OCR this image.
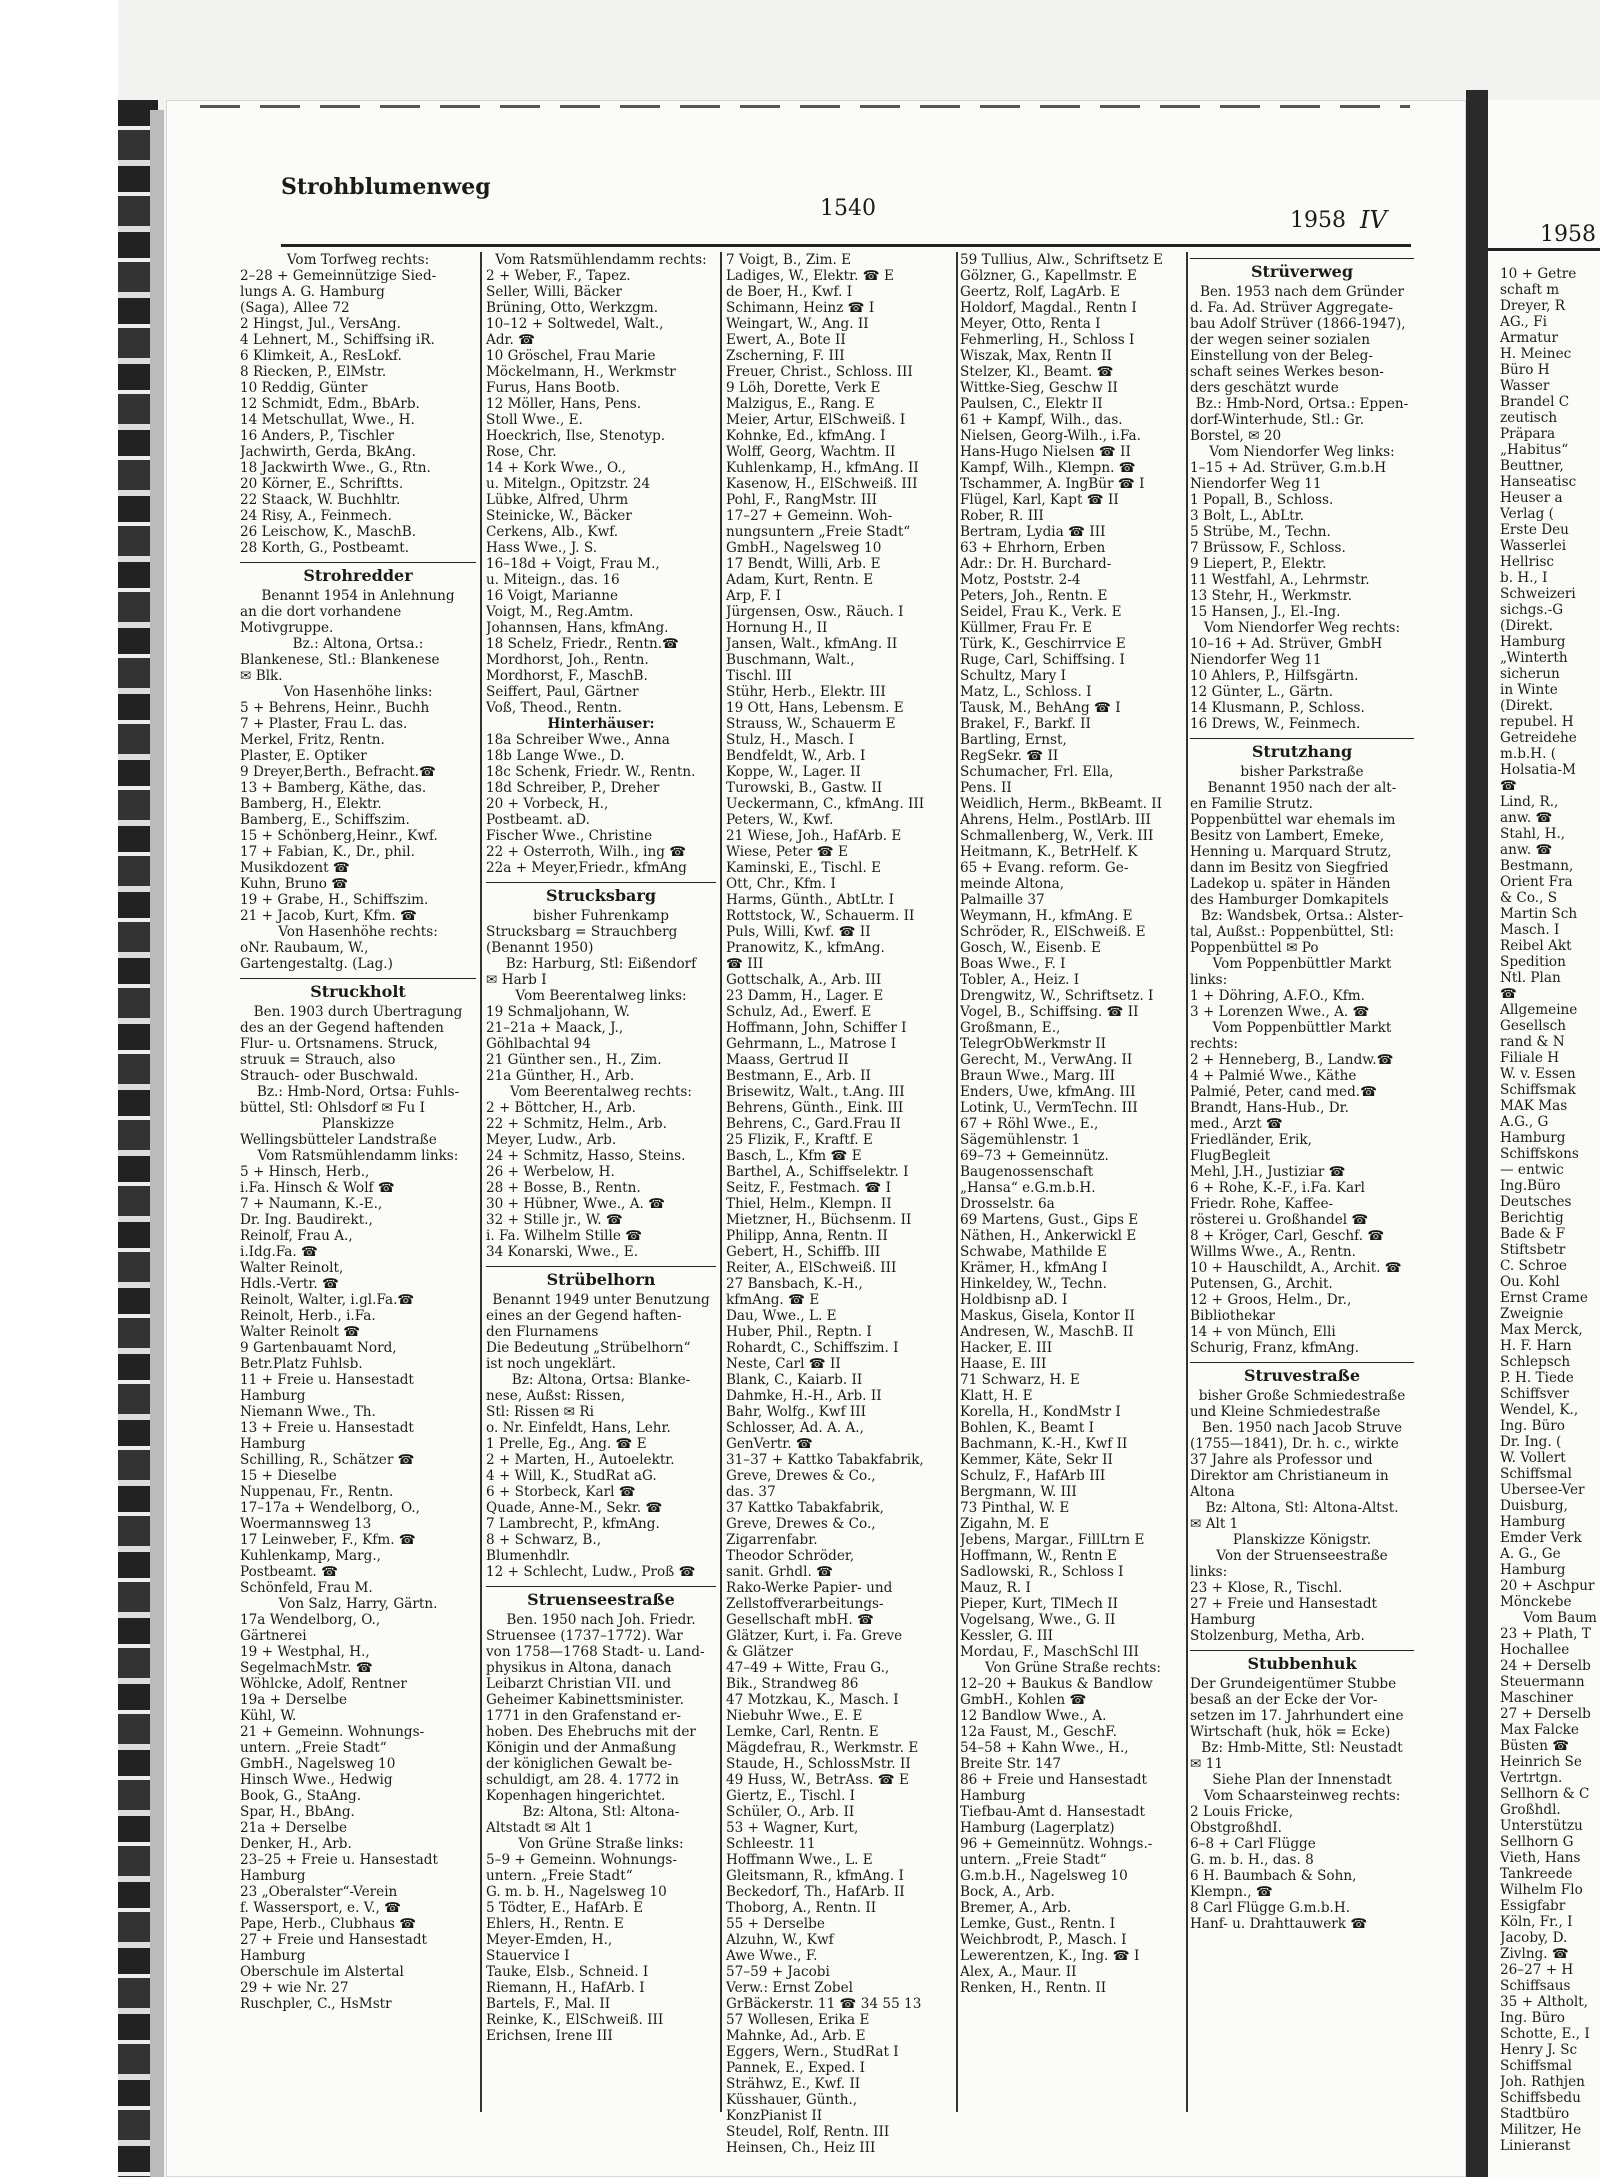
1958
Strohblumenweg
1540	1958 IV
Vom Torfweg rechts:
2–28 + Gemeinnützige Sied-
lungs A. G. Hamburg
(Saga), Allee 72
2 Hingst, Jul., VersAng.
4 Lehnert, M., Schiffsing iR.
6 Klimkeit, A., ResLokf.
8 Riecken, P., ElMstr.
10 Reddig, Günter
12 Schmidt, Edm., BbArb.
14 Metschullat, Wwe., H.
16 Anders, P., Tischler
Jachwirth, Gerda, BkAng.
18 Jackwirth Wwe., G., Rtn.
20 Körner, E., Schriftts.
22 Staack, W. Buchhltr.
24 Risy, A., Feinmech.
26 Leischow, K., MaschB.
28 Korth, G., Postbeamt.
Strohredder
Benannt 1954 in Anlehnung
an die dort vorhandene
Motivgruppe.
Bz.: Altona, Ortsa.:
Blankenese, Stl.: Blankenese
✉ Blk.
Von Hasenhöhe links:
5 + Behrens, Heinr., Buchh
7 + Plaster, Frau L. das.
Merkel, Fritz, Rentn.
Plaster, E. Optiker
9 Dreyer,Berth., Befracht.☎
13 + Bamberg, Käthe, das.
Bamberg, H., Elektr.
Bamberg, E., Schiffszim.
15 + Schönberg,Heinr., Kwf.
17 + Fabian, K., Dr., phil.
Musikdozent ☎
Kuhn, Bruno ☎
19 + Grabe, H., Schiffszim.
21 + Jacob, Kurt, Kfm. ☎
Von Hasenhöhe rechts:
oNr. Raubaum, W.,
Gartengestaltg. (Lag.)
Struckholt
Ben. 1903 durch Übertragung
des an der Gegend haftenden
Flur- u. Ortsnamens. Struck,
struuk = Strauch, also
Strauch- oder Buschwald.
Bz.: Hmb-Nord, Ortsa: Fuhls-
büttel, Stl: Ohlsdorf ✉ Fu I
Planskizze
Wellingsbütteler Landstraße
Vom Ratsmühlendamm links:
5 + Hinsch, Herb.,
i.Fa. Hinsch & Wolf ☎
7 + Naumann, K.-E.,
Dr. Ing. Baudirekt.,
Reinolf, Frau A.,
i.Idg.Fa. ☎
Walter Reinolt,
Hdls.-Vertr. ☎
Reinolt, Walter, i.gl.Fa.☎
Reinolt, Herb., i.Fa.
Walter Reinolt ☎
9 Gartenbauamt Nord,
Betr.Platz Fuhlsb.
11 + Freie u. Hansestadt
Hamburg
Niemann Wwe., Th.
13 + Freie u. Hansestadt
Hamburg
Schilling, R., Schätzer ☎
15 + Dieselbe
Nuppenau, Fr., Rentn.
17–17a + Wendelborg, O.,
Woermannsweg 13
17 Leinweber, F., Kfm. ☎
Kuhlenkamp, Marg.,
Postbeamt. ☎
Schönfeld, Frau M.
Von Salz, Harry, Gärtn.
17a Wendelborg, O.,
Gärtnerei
19 + Westphal, H.,
SegelmachMstr. ☎
Wöhlcke, Adolf, Rentner
19a + Derselbe
Kühl, W.
21 + Gemeinn. Wohnungs-
untern. „Freie Stadt“
GmbH., Nagelsweg 10
Hinsch Wwe., Hedwig
Book, G., StaAng.
Spar, H., BbAng.
21a + Derselbe
Denker, H., Arb.
23–25 + Freie u. Hansestadt
Hamburg
23 „Oberalster“-Verein
f. Wassersport, e. V., ☎
Pape, Herb., Clubhaus ☎
27 + Freie und Hansestadt
Hamburg
Oberschule im Alstertal
29 + wie Nr. 27
Ruschpler, C., HsMstr
Vom Ratsmühlendamm rechts:
2 + Weber, F., Tapez.
Seller, Willi, Bäcker
Brüning, Otto, Werkzgm.
10–12 + Soltwedel, Walt.,
Adr. ☎
10 Gröschel, Frau Marie
Möckelmann, H., Werkmstr
Furus, Hans Bootb.
12 Möller, Hans, Pens.
Stoll Wwe., E.
Hoeckrich, Ilse, Stenotyp.
Rose, Chr.
14 + Kork Wwe., O.,
u. Mitelgn., Opitzstr. 24
Lübke, Alfred, Uhrm
Steinicke, W., Bäcker
Cerkens, Alb., Kwf.
Hass Wwe., J. S.
16–18d + Voigt, Frau M.,
u. Miteign., das. 16
16 Voigt, Marianne
Voigt, M., Reg.Amtm.
Johannsen, Hans, kfmAng.
18 Schelz, Friedr., Rentn.☎
Mordhorst, Joh., Rentn.
Mordhorst, F., MaschB.
Seiffert, Paul, Gärtner
Voß, Theod., Rentn.
Hinterhäuser:
18a Schreiber Wwe., Anna
18b Lange Wwe., D.
18c Schenk, Friedr. W., Rentn.
18d Schreiber, P., Dreher
20 + Vorbeck, H.,
Postbeamt. aD.
Fischer Wwe., Christine
22 + Osterroth, Wilh., ing ☎
22a + Meyer,Friedr., kfmAng
Strucksbarg
bisher Fuhrenkamp
Strucksbarg = Strauchberg
(Benannt 1950)
Bz: Harburg, Stl: Eißendorf
✉ Harb I
Vom Beerentalweg links:
19 Schmaljohann, W.
21–21a + Maack, J.,
Göhlbachtal 94
21 Günther sen., H., Zim.
21a Günther, H., Arb.
Vom Beerentalweg rechts:
2 + Böttcher, H., Arb.
22 + Schmitz, Helm., Arb.
Meyer, Ludw., Arb.
24 + Schmitz, Hasso, Steins.
26 + Werbelow, H.
28 + Bosse, B., Rentn.
30 + Hübner, Wwe., A. ☎
32 + Stille jr., W. ☎
i. Fa. Wilhelm Stille ☎
34 Konarski, Wwe., E.
Strübelhorn
Benannt 1949 unter Benutzung
eines an der Gegend haften-
den Flurnamens
Die Bedeutung „Strübelhorn“
ist noch ungeklärt.
Bz: Altona, Ortsa: Blanke-
nese, Außst: Rissen,
Stl: Rissen ✉ Ri
o. Nr. Einfeldt, Hans, Lehr.
1 Prelle, Eg., Ang. ☎ E
2 + Marten, H., Autoelektr.
4 + Will, K., StudRat aG.
6 + Storbeck, Karl ☎
Quade, Anne-M., Sekr. ☎
7 Lambrecht, P., kfmAng.
8 + Schwarz, B.,
Blumenhdlr.
12 + Schlecht, Ludw., Proß ☎
Struenseestraße
Ben. 1950 nach Joh. Friedr.
Struensee (1737–1772). War
von 1758—1768 Stadt- u. Land-
physikus in Altona, danach
Leibarzt Christian VII. und
Geheimer Kabinettsminister.
1771 in den Grafenstand er-
hoben. Des Ehebruchs mit der
Königin und der Anmaßung
der königlichen Gewalt be-
schuldigt, am 28. 4. 1772 in
Kopenhagen hingerichtet.
Bz: Altona, Stl: Altona-
Altstadt ✉ Alt 1
Von Grüne Straße links:
5–9 + Gemeinn. Wohnungs-
untern. „Freie Stadt“
G. m. b. H., Nagelsweg 10
5 Tödter, E., HafArb. E
Ehlers, H., Rentn. E
Meyer-Emden, H.,
Stauervice I
Tauke, Elsb., Schneid. I
Riemann, H., HafArb. I
Bartels, F., Mal. II
Reinke, K., ElSchweiß. III
Erichsen, Irene III
7 Voigt, B., Zim. E
Ladiges, W., Elektr. ☎ E
de Boer, H., Kwf. I
Schimann, Heinz ☎ I
Weingart, W., Ang. II
Ewert, A., Bote II
Zscherning, F. III
Freuer, Christ., Schloss. III
9 Löh, Dorette, Verk E
Malzigus, E., Rang. E
Meier, Artur, ElSchweiß. I
Kohnke, Ed., kfmAng. I
Wolff, Georg, Wachtm. II
Kuhlenkamp, H., kfmAng. II
Kasenow, H., ElSchweiß. III
Pohl, F., RangMstr. III
17–27 + Gemeinn. Woh-
nungsuntern „Freie Stadt“
GmbH., Nagelsweg 10
17 Bendt, Willi, Arb. E
Adam, Kurt, Rentn. E
Arp, F. I
Jürgensen, Osw., Räuch. I
Hornung H., II
Jansen, Walt., kfmAng. II
Buschmann, Walt.,
Tischl. III
Stühr, Herb., Elektr. III
19 Ott, Hans, Lebensm. E
Strauss, W., Schauerm E
Stulz, H., Masch. I
Bendfeldt, W., Arb. I
Koppe, W., Lager. II
Turowski, B., Gastw. II
Ueckermann, C., kfmAng. III
Peters, W., Kwf.
21 Wiese, Joh., HafArb. E
Wiese, Peter ☎ E
Kaminski, E., Tischl. E
Ott, Chr., Kfm. I
Harms, Günth., AbtLtr. I
Rottstock, W., Schauerm. II
Puls, Willi, Kwf. ☎ II
Pranowitz, K., kfmAng.
☎ III
Gottschalk, A., Arb. III
23 Damm, H., Lager. E
Schulz, Ad., Ewerf. E
Hoffmann, John, Schiffer I
Gehrmann, L., Matrose I
Maass, Gertrud II
Bestmann, E., Arb. II
Brisewitz, Walt., t.Ang. III
Behrens, Günth., Eink. III
Behrens, C., Gard.Frau II
25 Flizik, F., Kraftf. E
Basch, L., Kfm ☎ E
Barthel, A., Schiffselektr. I
Seitz, F., Festmach. ☎ I
Thiel, Helm., Klempn. II
Mietzner, H., Büchsenm. II
Philipp, Anna, Rentn. II
Gebert, H., Schiffb. III
Reiter, A., ElSchweiß. III
27 Bansbach, K.-H.,
kfmAng. ☎ E
Dau, Wwe., L. E
Huber, Phil., Reptn. I
Rohardt, C., Schiffszim. I
Neste, Carl ☎ II
Blank, C., Kaiarb. II
Dahmke, H.-H., Arb. II
Bahr, Wolfg., Kwf III
Schlosser, Ad. A. A.,
GenVertr. ☎
31–37 + Kattko Tabakfabrik,
Greve, Drewes & Co.,
das. 37
37 Kattko Tabakfabrik,
Greve, Drewes & Co.,
Zigarrenfabr.
Theodor Schröder,
sanit. Grhdl. ☎
Rako-Werke Papier- und
Zellstoffverarbeitungs-
Gesellschaft mbH. ☎
Glätzer, Kurt, i. Fa. Greve
& Glätzer
47–49 + Witte, Frau G.,
Bik., Strandweg 86
47 Motzkau, K., Masch. I
Niebuhr Wwe., E. E
Lemke, Carl, Rentn. E
Mägdefrau, R., Werkmstr. E
Staude, H., SchlossMstr. II
49 Huss, W., BetrAss. ☎ E
Giertz, E., Tischl. I
Schüler, O., Arb. II
53 + Wagner, Kurt,
Schleestr. 11
Hoffmann Wwe., L. E
Gleitsmann, R., kfmAng. I
Beckedorf, Th., HafArb. II
Thoborg, A., Rentn. II
55 + Derselbe
Alzuhn, W., Kwf
Awe Wwe., F.
57–59 + Jacobi
Verw.: Ernst Zobel
GrBäckerstr. 11 ☎ 34 55 13
57 Wollesen, Erika E
Mahnke, Ad., Arb. E
Eggers, Wern., StudRat I
Pannek, E., Exped. I
Strähwz, E., Kwf. II
Küsshauer, Günth.,
KonzPianist II
Steudel, Rolf, Rentn. III
Heinsen, Ch., Heiz III
59 Tullius, Alw., Schriftsetz E
Gölzner, G., Kapellmstr. E
Geertz, Rolf, LagArb. E
Holdorf, Magdal., Rentn I
Meyer, Otto, Renta I
Fehmerling, H., Schloss I
Wiszak, Max, Rentn II
Stelzer, Kl., Beamt. ☎
Wittke-Sieg, Geschw II
Paulsen, C., Elektr II
61 + Kampf, Wilh., das.
Nielsen, Georg-Wilh., i.Fa.
Hans-Hugo Nielsen ☎ II
Kampf, Wilh., Klempn. ☎
Tschammer, A. IngBür ☎ I
Flügel, Karl, Kapt ☎ II
Rober, R. III
Bertram, Lydia ☎ III
63 + Ehrhorn, Erben
Adr.: Dr. H. Burchard-
Motz, Poststr. 2-4
Peters, Joh., Rentn. E
Seidel, Frau K., Verk. E
Küllmer, Frau Fr. E
Türk, K., Geschirrvice E
Ruge, Carl, Schiffsing. I
Schultz, Mary I
Matz, L., Schloss. I
Tausk, M., BehAng ☎ I
Brakel, F., Barkf. II
Bartling, Ernst,
RegSekr. ☎ II
Schumacher, Frl. Ella,
Pens. II
Weidlich, Herm., BkBeamt. II
Ahrens, Helm., PostlArb. III
Schmallenberg, W., Verk. III
Heitmann, K., BetrHelf. K
65 + Evang. reform. Ge-
meinde Altona,
Palmaille 37
Weymann, H., kfmAng. E
Schröder, R., ElSchweiß. E
Gosch, W., Eisenb. E
Boas Wwe., F. I
Tobler, A., Heiz. I
Drengwitz, W., Schriftsetz. I
Vogel, B., Schiffsing. ☎ II
Großmann, E.,
TelegrObWerkmstr II
Gerecht, M., VerwAng. II
Braun Wwe., Marg. III
Enders, Uwe, kfmAng. III
Lotink, U., VermTechn. III
67 + Röhl Wwe., E.,
Sägemühlenstr. 1
69–73 + Gemeinnütz.
Baugenossenschaft
„Hansa“ e.G.m.b.H.
Drosselstr. 6a
69 Martens, Gust., Gips E
Näthen, H., Ankerwickl E
Schwabe, Mathilde E
Krämer, H., kfmAng I
Hinkeldey, W., Techn.
Holdbisnp aD. I
Maskus, Gisela, Kontor II
Andresen, W., MaschB. II
Hacker, E. III
Haase, E. III
71 Schwarz, H. E
Klatt, H. E
Korella, H., KondMstr I
Bohlen, K., Beamt I
Bachmann, K.-H., Kwf II
Kemmer, Käte, Sekr II
Schulz, F., HafArb III
Bergmann, W. III
73 Pinthal, W. E
Zigahn, M. E
Jebens, Margar., FillLtrn E
Hoffmann, W., Rentn E
Sadlowski, R., Schloss I
Mauz, R. I
Pieper, Kurt, TlMech II
Vogelsang, Wwe., G. II
Kessler, G. III
Mordau, F., MaschSchl III
Von Grüne Straße rechts:
12–20 + Baukus & Bandlow
GmbH., Kohlen ☎
12 Bandlow Wwe., A.
12a Faust, M., GeschF.
54–58 + Kahn Wwe., H.,
Breite Str. 147
86 + Freie und Hansestadt
Hamburg
Tiefbau-Amt d. Hansestadt
Hamburg (Lagerplatz)
96 + Gemeinnütz. Wohngs.-
untern. „Freie Stadt“
G.m.b.H., Nagelsweg 10
Bock, A., Arb.
Bremer, A., Arb.
Lemke, Gust., Rentn. I
Weichbrodt, P., Masch. I
Lewerentzen, K., Ing. ☎ I
Alex, A., Maur. II
Renken, H., Rentn. II
Strüverweg
Ben. 1953 nach dem Gründer
d. Fa. Ad. Strüver Aggregate-
bau Adolf Strüver (1866-1947),
der wegen seiner sozialen
Einstellung von der Beleg-
schaft seines Werkes beson-
ders geschätzt wurde
Bz.: Hmb-Nord, Ortsa.: Eppen-
dorf-Winterhude, Stl.: Gr.
Borstel, ✉ 20
Vom Niendorfer Weg links:
1–15 + Ad. Strüver, G.m.b.H
Niendorfer Weg 11
1 Popall, B., Schloss.
3 Bolt, L., AbLtr.
5 Strübe, M., Techn.
7 Brüssow, F., Schloss.
9 Liepert, P., Elektr.
11 Westfahl, A., Lehrmstr.
13 Stehr, H., Werkmstr.
15 Hansen, J., El.-Ing.
Vom Niendorfer Weg rechts:
10–16 + Ad. Strüver, GmbH
Niendorfer Weg 11
10 Ahlers, P., Hilfsgärtn.
12 Günter, L., Gärtn.
14 Klusmann, P., Schloss.
16 Drews, W., Feinmech.
Strutzhang
bisher Parkstraße
Benannt 1950 nach der alt-
en Familie Strutz.
Poppenbüttel war ehemals im
Besitz von Lambert, Emeke,
Henning u. Marquard Strutz,
dann im Besitz von Siegfried
Ladekop u. später in Händen
des Hamburger Domkapitels
Bz: Wandsbek, Ortsa.: Alster-
tal, Außst.: Poppenbüttel, Stl:
Poppenbüttel ✉ Po
Vom Poppenbüttler Markt
links:
1 + Döhring, A.F.O., Kfm.
3 + Lorenzen Wwe., A. ☎
Vom Poppenbüttler Markt
rechts:
2 + Henneberg, B., Landw.☎
4 + Palmié Wwe., Käthe
Palmié, Peter, cand med.☎
Brandt, Hans-Hub., Dr.
med., Arzt ☎
Friedländer, Erik,
FlugBegleit
Mehl, J.H., Justiziar ☎
6 + Rohe, K.-F., i.Fa. Karl
Friedr. Rohe, Kaffee-
rösterei u. Großhandel ☎
8 + Kröger, Carl, Geschf. ☎
Willms Wwe., A., Rentn.
10 + Hauschildt, A., Archit. ☎
Putensen, G., Archit.
12 + Groos, Helm., Dr.,
Bibliothekar
14 + von Münch, Elli
Schurig, Franz, kfmAng.
Struvestraße
bisher Große Schmiedestraße
und Kleine Schmiedestraße
Ben. 1950 nach Jacob Struve
(1755—1841), Dr. h. c., wirkte
37 Jahre als Professor und
Direktor am Christianeum in
Altona
Bz: Altona, Stl: Altona-Altst.
✉ Alt 1
Planskizze Königstr.
Von der Struenseestraße
links:
23 + Klose, R., Tischl.
27 + Freie und Hansestadt
Hamburg
Stolzenburg, Metha, Arb.
Stubbenhuk
Der Grundeigentümer Stubbe
besaß an der Ecke der Vor-
setzen im 17. Jahrhundert eine
Wirtschaft (huk, hök = Ecke)
Bz: Hmb-Mitte, Stl: Neustadt
✉ 11
Siehe Plan der Innenstadt
Vom Schaarsteinweg rechts:
2 Louis Fricke,
ObstgroßhdI.
6–8 + Carl Flügge
G. m. b. H., das. 8
6 H. Baumbach & Sohn,
Klempn., ☎
8 Carl Flügge G.m.b.H.
Hanf- u. Drahttauwerk ☎
10 + Getre
schaft m
Dreyer, R
AG., Fi
Armatur
H. Meinec
Büro H
Wasser
Brandel C
zeutisch
Präpara
„Habitus“
Beuttner,
Hanseatisc
Heuser a
Verlag (
Erste Deu
Wasserlei
Hellrisc
b. H., I
Schweizeri
sichgs.-G
(Direkt.
Hamburg
„Winterth
sicherun
in Winte
(Direkt.
repubel. H
Getreidehe
m.b.H. (
Holsatia-M
☎
Lind, R.,
anw. ☎
Stahl, H.,
anw. ☎
Bestmann,
Orient Fra
& Co., S
Martin Sch
Masch. I
Reibel Akt
Spedition
Ntl. Plan
☎
Allgemeine
Gesellsch
rand & N
Filiale H
W. v. Essen
Schiffsmak
MAK Mas
A.G., G
Hamburg
Schiffskons
— entwic
Ing.Büro
Deutsches
Berichtig
Bade & F
Stiftsbetr
C. Schroe
Ou. Kohl
Ernst Crame
Zweignie
Max Merck,
H. F. Harn
Schlepsch
P. H. Tiede
Schiffsver
Wendel, K.,
Ing. Büro
Dr. Ing. (
W. Vollert
Schiffsmal
Ubersee-Ver
Duisburg,
Hamburg
Emder Verk
A. G., Ge
Hamburg
20 + Aschpur
Mönckebe
Vom Baum
23 + Plath, T
Hochallee
24 + Derselb
Steuermann
Maschiner
27 + Derselb
Max Falcke
Büsten ☎
Heinrich Se
Vertrtgn.
Sellhorn & C
Großhdl.
Unterstützu
Sellhorn G
Vieth, Hans
Tankreede
Wilhelm Flo
Essigfabr
Köln, Fr., I
Jacoby, D.
Zivlng. ☎
26–27 + H
Schiffsaus
35 + Altholt,
Ing. Büro
Schotte, E., I
Henry J. Sc
Schiffsmal
Joh. Rathjen
Schiffsbedu
Stadtbüro
Militzer, He
Linieranst
